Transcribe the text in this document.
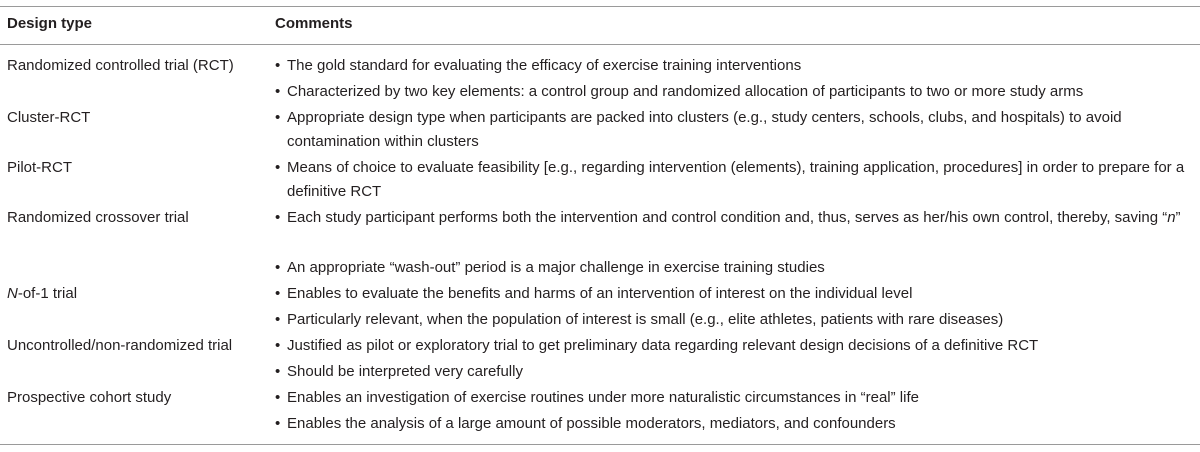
Design type	Comments
Randomized controlled trial (RCT)	• The gold standard for evaluating the efficacy of exercise training interventions
• Characterized by two key elements: a control group and randomized allocation of participants to two or more study arms
Cluster-RCT	• Appropriate design type when participants are packed into clusters (e.g., study centers, schools, clubs, and hospitals) to avoid contamination within clusters
Pilot-RCT	• Means of choice to evaluate feasibility [e.g., regarding intervention (elements), training application, procedures] in order to prepare for a definitive RCT
Randomized crossover trial	• Each study participant performs both the intervention and control condition and, thus, serves as her/his own control, thereby, saving “n”
• An appropriate “wash-out” period is a major challenge in exercise training studies
N-of-1 trial	• Enables to evaluate the benefits and harms of an intervention of interest on the individual level
• Particularly relevant, when the population of interest is small (e.g., elite athletes, patients with rare diseases)
Uncontrolled/non-randomized trial	• Justified as pilot or exploratory trial to get preliminary data regarding relevant design decisions of a definitive RCT
• Should be interpreted very carefully
Prospective cohort study	• Enables an investigation of exercise routines under more naturalistic circumstances in “real” life
• Enables the analysis of a large amount of possible moderators, mediators, and confounders
